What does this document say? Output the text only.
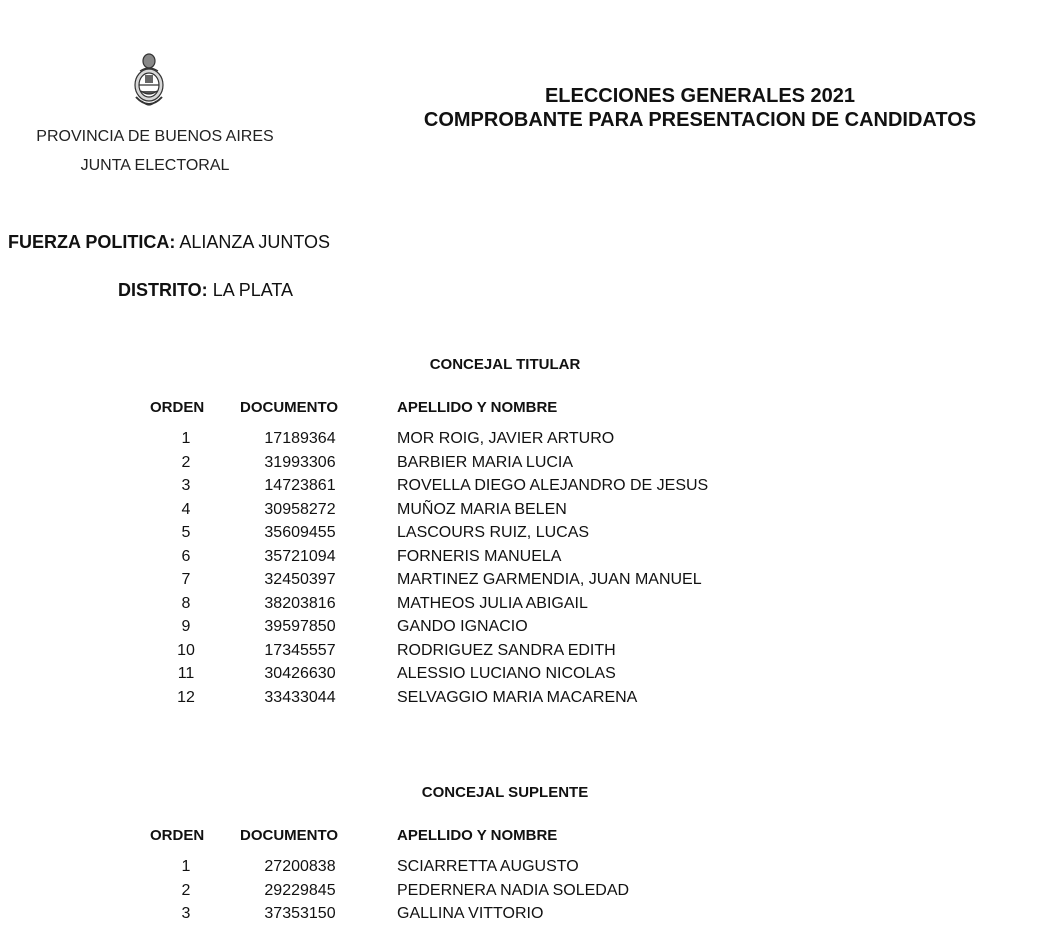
PROVINCIA DE BUENOS AIRES
JUNTA ELECTORAL
ELECCIONES GENERALES 2021
COMPROBANTE PARA PRESENTACION DE CANDIDATOS
FUERZA POLITICA: ALIANZA JUNTOS
DISTRITO: LA PLATA
CONCEJAL TITULAR
ORDEN DOCUMENTO	APELLIDO Y NOMBRE
1	17189364	MOR ROIG, JAVIER ARTURO
2	31993306	BARBIER MARIA LUCIA
3	14723861	ROVELLA DIEGO ALEJANDRO DE JESUS
4	30958272	MUÑOZ MARIA BELEN
5	35609455	LASCOURS RUIZ, LUCAS
6	35721094	FORNERIS MANUELA
7	32450397	MARTINEZ GARMENDIA, JUAN MANUEL
8	38203816	MATHEOS JULIA ABIGAIL
9	39597850	GANDO IGNACIO
10	17345557	RODRIGUEZ SANDRA EDITH
11	30426630	ALESSIO LUCIANO NICOLAS
12	33433044	SELVAGGIO MARIA MACARENA
CONCEJAL SUPLENTE
ORDEN DOCUMENTO	APELLIDO Y NOMBRE
1	27200838	SCIARRETTA AUGUSTO
2	29229845	PEDERNERA NADIA SOLEDAD
3	37353150	GALLINA VITTORIO
